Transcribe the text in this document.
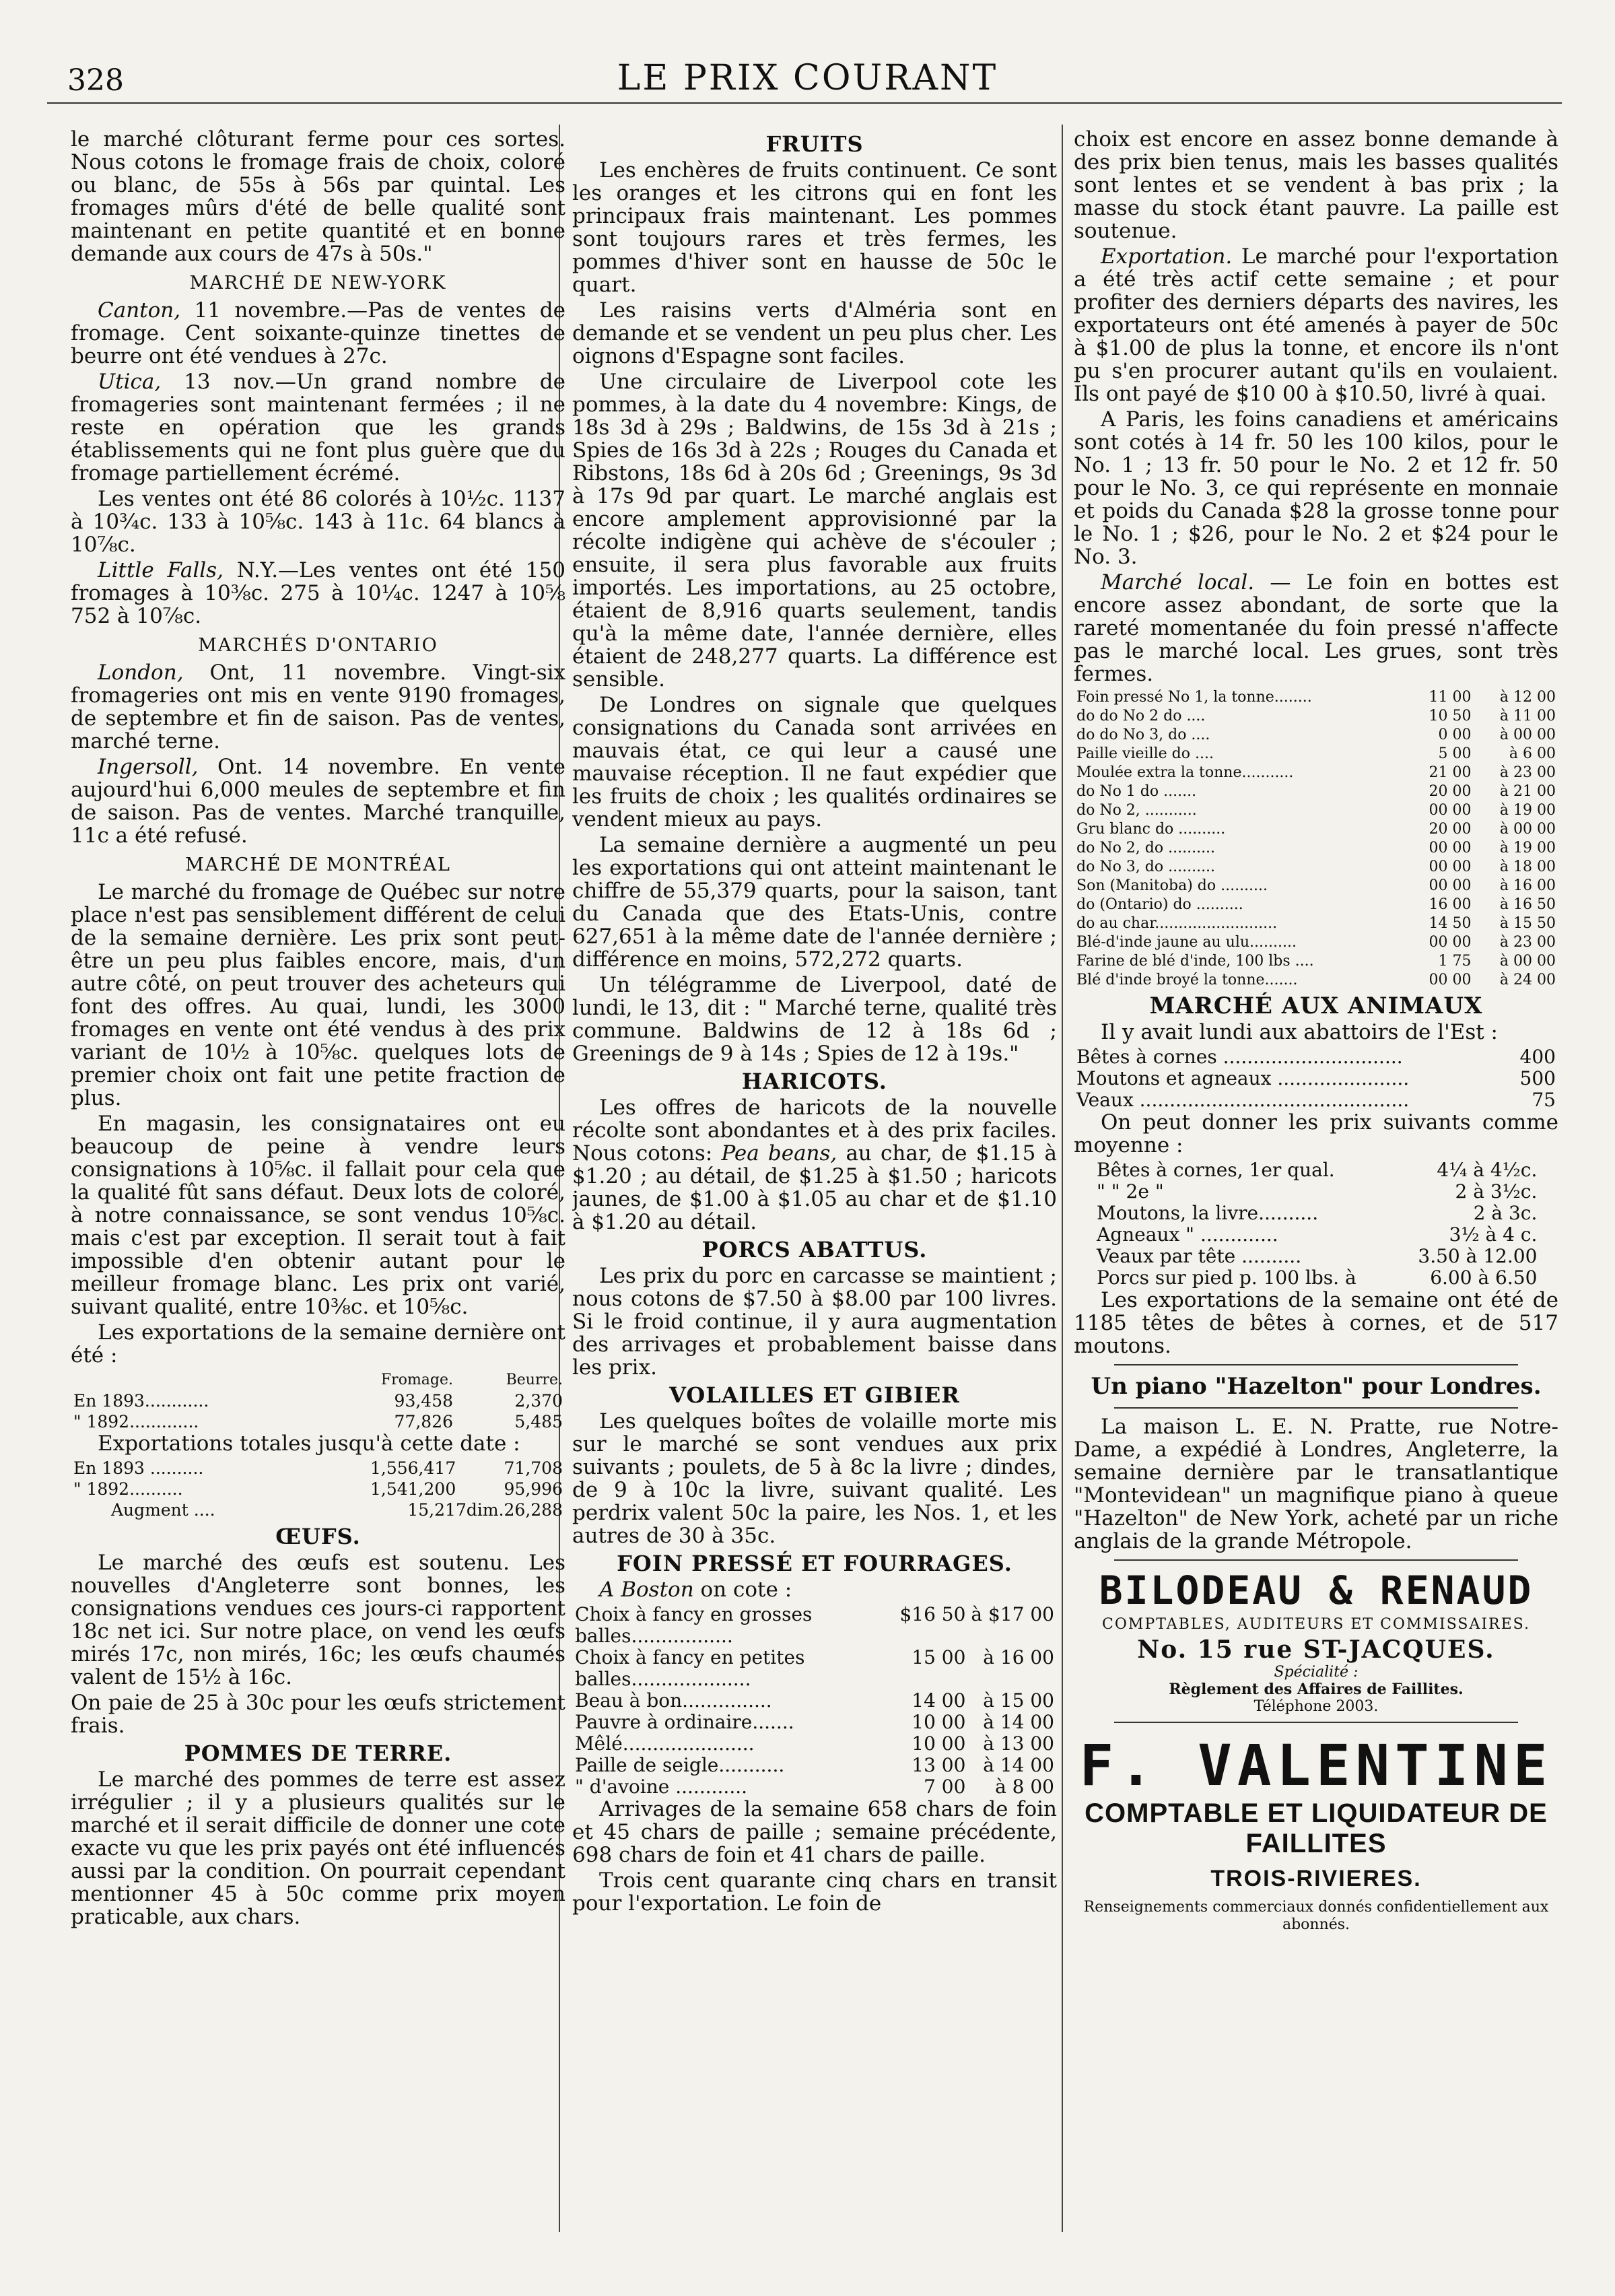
328	LE PRIX COURANT

le marché clôturant ferme pour ces sortes. Nous cotons le fromage frais de choix, coloré ou blanc, de 55s à 56s par quintal. Les fromages mûrs d'été de belle qualité sont maintenant en petite quantité et en bonne demande aux cours de 47s à 50s."

MARCHÉ DE NEW-YORK

Canton, 11 novembre.—Pas de ventes de fromage. Cent soixante-quinze tinettes de beurre ont été vendues à 27c.

Utica, 13 nov.—Un grand nombre de fromageries sont maintenant fermées ; il ne reste en opération que les grands établissements qui ne font plus guère que du fromage partiellement écrémé.

Les ventes ont été 86 colorés à 10½c. 1137 à 10¾c. 133 à 10⅝c. 143 à 11c. 64 blancs à 10⅞c.

Little Falls, N.Y.—Les ventes ont été 150 fromages à 10⅜c. 275 à 10¼c. 1247 à 10⅝ 752 à 10⅞c.

MARCHÉS D'ONTARIO

London, Ont, 11 novembre. Vingt-six fromageries ont mis en vente 9190 fromages, de septembre et fin de saison. Pas de ventes, marché terne.

Ingersoll, Ont. 14 novembre. En vente aujourd'hui 6,000 meules de septembre et fin de saison. Pas de ventes. Marché tranquille, 11c a été refusé.

MARCHÉ DE MONTRÉAL

Le marché du fromage de Québec sur notre place n'est pas sensiblement différent de celui de la semaine dernière. Les prix sont peut-être un peu plus faibles encore, mais, d'un autre côté, on peut trouver des acheteurs qui font des offres. Au quai, lundi, les 3000 fromages en vente ont été vendus à des prix variant de 10½ à 10⅝c. quelques lots de premier choix ont fait une petite fraction de plus.

En magasin, les consignataires ont eu beaucoup de peine à vendre leurs consignations à 10⅝c. il fallait pour cela que la qualité fût sans défaut. Deux lots de coloré, à notre connaissance, se sont vendus 10⅝c. mais c'est par exception. Il serait tout à fait impossible d'en obtenir autant pour le meilleur fromage blanc. Les prix ont varié, suivant qualité, entre 10⅜c. et 10⅝c.

Les exportations de la semaine dernière ont été :

	Fromage.	Beurre.
En 1893............	93,458	2,370
" 1892.............	77,826	5,485

Exportations totales jusqu'à cette date :

En 1893 ..........	1,556,417	71,708
" 1892..........	1,541,200	95,996
Augment ....	15,217dim.26,288	
ŒUFS.

Le marché des œufs est soutenu. Les nouvelles d'Angleterre sont bonnes, les consignations vendues ces jours-ci rapportent 18c net ici. Sur notre place, on vend les œufs mirés 17c, non mirés, 16c; les œufs chaumés valent de 15½ à 16c.

On paie de 25 à 30c pour les œufs strictement frais.

POMMES DE TERRE.

Le marché des pommes de terre est assez irrégulier ; il y a plusieurs qualités sur le marché et il serait difficile de donner une cote exacte vu que les prix payés ont été influencés aussi par la condition. On pourrait cependant mentionner 45 à 50c comme prix moyen praticable, aux chars.

FRUITS

Les enchères de fruits continuent. Ce sont les oranges et les citrons qui en font les principaux frais maintenant. Les pommes sont toujours rares et très fermes, les pommes d'hiver sont en hausse de 50c le quart.

Les raisins verts d'Alméria sont en demande et se vendent un peu plus cher. Les oignons d'Espagne sont faciles.

Une circulaire de Liverpool cote les pommes, à la date du 4 novembre: Kings, de 18s 3d à 29s ; Baldwins, de 15s 3d à 21s ; Spies de 16s 3d à 22s ; Rouges du Canada et Ribstons, 18s 6d à 20s 6d ; Greenings, 9s 3d à 17s 9d par quart. Le marché anglais est encore amplement approvisionné par la récolte indigène qui achève de s'écouler ; ensuite, il sera plus favorable aux fruits importés. Les importations, au 25 octobre, étaient de 8,916 quarts seulement, tandis qu'à la même date, l'année dernière, elles étaient de 248,277 quarts. La différence est sensible.

De Londres on signale que quelques consignations du Canada sont arrivées en mauvais état, ce qui leur a causé une mauvaise réception. Il ne faut expédier que les fruits de choix ; les qualités ordinaires se vendent mieux au pays.

La semaine dernière a augmenté un peu les exportations qui ont atteint maintenant le chiffre de 55,379 quarts, pour la saison, tant du Canada que des Etats-Unis, contre 627,651 à la même date de l'année dernière ; différence en moins, 572,272 quarts.

Un télégramme de Liverpool, daté de lundi, le 13, dit : " Marché terne, qualité très commune. Baldwins de 12 à 18s 6d ; Greenings de 9 à 14s ; Spies de 12 à 19s."

HARICOTS.

Les offres de haricots de la nouvelle récolte sont abondantes et à des prix faciles. Nous cotons: Pea beans, au char, de $1.15 à $1.20 ; au détail, de $1.25 à $1.50 ; haricots jaunes, de $1.00 à $1.05 au char et de $1.10 à $1.20 au détail.

PORCS ABATTUS.

Les prix du porc en carcasse se maintient ; nous cotons de $7.50 à $8.00 par 100 livres. Si le froid continue, il y aura augmentation des arrivages et probablement baisse dans les prix.

VOLAILLES ET GIBIER

Les quelques boîtes de volaille morte mis sur le marché se sont vendues aux prix suivants ; poulets, de 5 à 8c la livre ; dindes, de 9 à 10c la livre, suivant qualité. Les perdrix valent 50c la paire, les Nos. 1, et les autres de 30 à 35c.

FOIN PRESSÉ ET FOURRAGES.

A Boston on cote :

Choix à fancy en grosses balles.................	$16 50	à $17 00
Choix à fancy en petites balles....................	15 00	à 16 00
Beau à bon...............	14 00	à 15 00
Pauvre à ordinaire.......	10 00	à 14 00
Mêlé......................	10 00	à 13 00
Paille de seigle...........	13 00	à 14 00
" d'avoine ............	7 00	à 8 00

Arrivages de la semaine 658 chars de foin et 45 chars de paille ; semaine précédente, 698 chars de foin et 41 chars de paille.

Trois cent quarante cinq chars en transit pour l'exportation. Le foin de

choix est encore en assez bonne demande à des prix bien tenus, mais les basses qualités sont lentes et se vendent à bas prix ; la masse du stock étant pauvre. La paille est soutenue.

Exportation. Le marché pour l'exportation a été très actif cette semaine ; et pour profiter des derniers départs des navires, les exportateurs ont été amenés à payer de 50c à $1.00 de plus la tonne, et encore ils n'ont pu s'en procurer autant qu'ils en voulaient. Ils ont payé de $10 00 à $10.50, livré à quai.

A Paris, les foins canadiens et américains sont cotés à 14 fr. 50 les 100 kilos, pour le No. 1 ; 13 fr. 50 pour le No. 2 et 12 fr. 50 pour le No. 3, ce qui représente en monnaie et poids du Canada $28 la grosse tonne pour le No. 1 ; $26, pour le No. 2 et $24 pour le No. 3.

Marché local. — Le foin en bottes est encore assez abondant, de sorte que la rareté momentanée du foin pressé n'affecte pas le marché local. Les grues, sont très fermes.

Foin pressé No 1, la tonne........	11 00	à 12 00
do do No 2 do ....	10 50	à 11 00
do do No 3, do ....	0 00	à 00 00
Paille vieille do ....	5 00	à 6 00
Moulée extra la tonne...........	21 00	à 23 00
do No 1 do .......	20 00	à 21 00
do No 2, ...........	00 00	à 19 00
Gru blanc do ..........	20 00	à 00 00
do No 2, do ..........	00 00	à 19 00
do No 3, do ..........	00 00	à 18 00
Son (Manitoba) do ..........	00 00	à 16 00
do (Ontario) do ..........	16 00	à 16 50
do au char..........................	14 50	à 15 50
Blé-d'inde jaune au ulu..........	00 00	à 23 00
Farine de blé d'inde, 100 lbs ....	1 75	à 00 00
Blé d'inde broyé la tonne.......	00 00	à 24 00
MARCHÉ AUX ANIMAUX

Il y avait lundi aux abattoirs de l'Est :

Bêtes à cornes ..............................	400
Moutons et agneaux ......................	500
Veaux .............................................	75

On peut donner les prix suivants comme moyenne :

Bêtes à cornes, 1er qual.	4¼ à 4½c.
" " 2e "	2 à 3½c.
Moutons, la livre..........	2 à 3c.
Agneaux " .............	3½ à 4 c.
Veaux par tête ..........	3.50 à 12.00
Porcs sur pied p. 100 lbs. à	6.00 à 6.50

Les exportations de la semaine ont été de 1185 têtes de bêtes à cornes, et de 517 moutons.

Un piano "Hazelton" pour Londres.

La maison L. E. N. Pratte, rue Notre-Dame, a expédié à Londres, Angleterre, la semaine dernière par le transatlantique "Montevidean" un magnifique piano à queue "Hazelton" de New York, acheté par un riche anglais de la grande Métropole.

BILODEAU & RENAUD
COMPTABLES, AUDITEURS ET COMMISSAIRES.
No. 15 rue ST-JACQUES.
Spécialité :
Règlement des Affaires de Faillites.
Téléphone 2003.
F. VALENTINE
COMPTABLE ET LIQUIDATEUR DE FAILLITES
TROIS-RIVIERES.
Renseignements commerciaux donnés confidentiellement aux abonnés.
